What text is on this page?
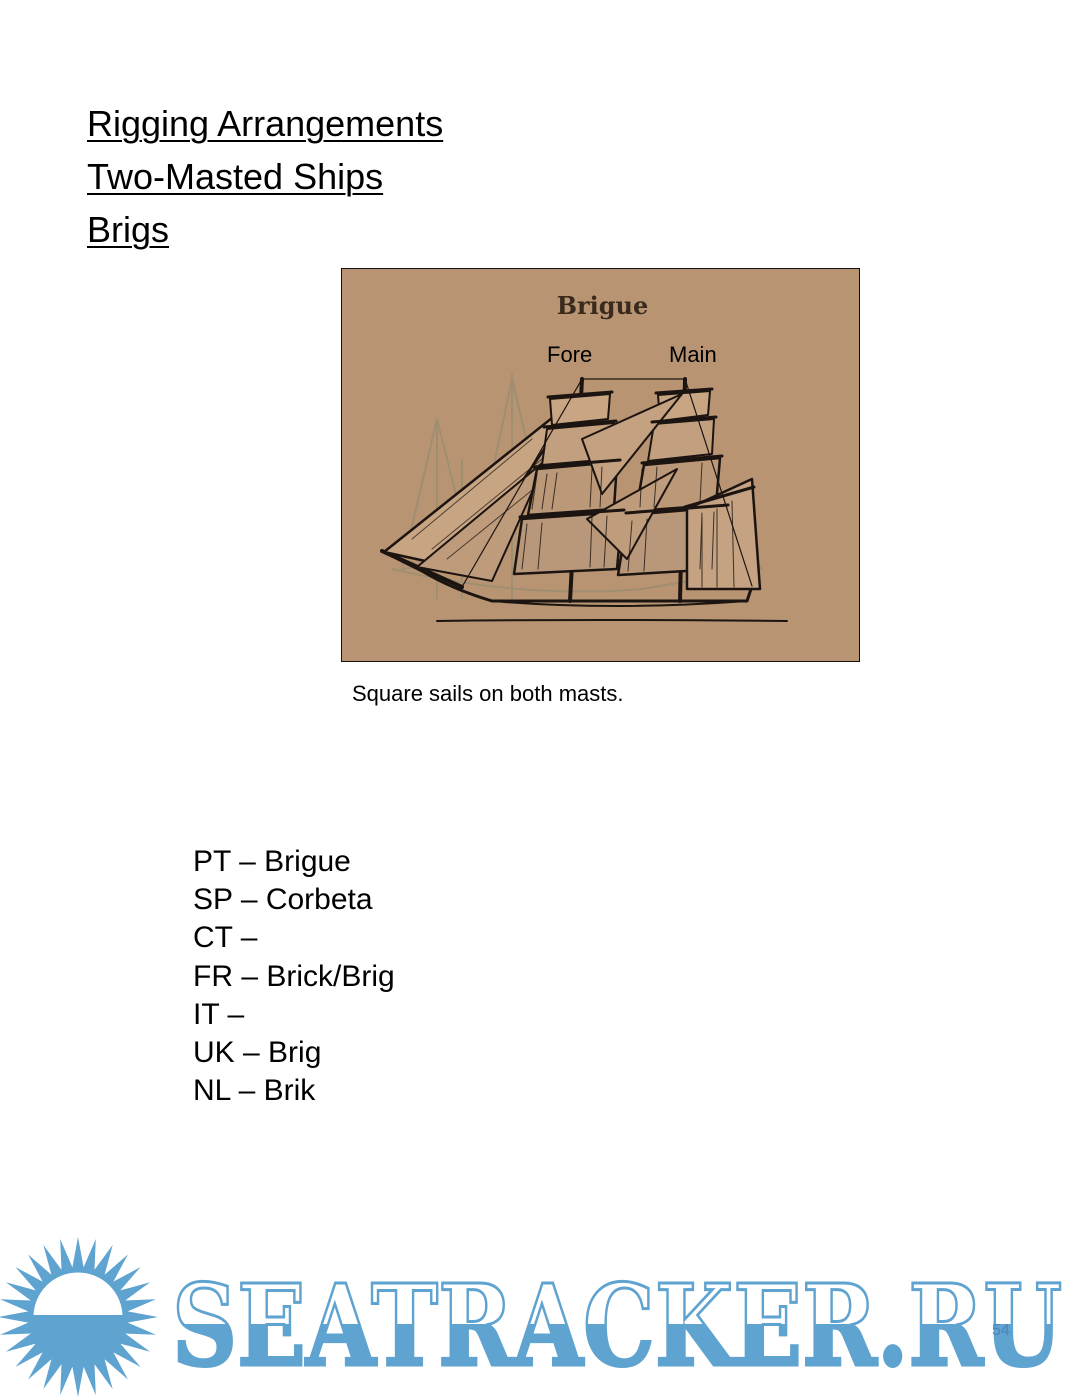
Rigging Arrangements
Two-Masted Ships
Brigs
Brigue
Fore	Main

Square sails on both masts.

PT – Brigue
SP – Corbeta
CT –
FR – Brick/Brig
IT –
UK – Brig
NL – Brik
SEATRACKER.RU
54
